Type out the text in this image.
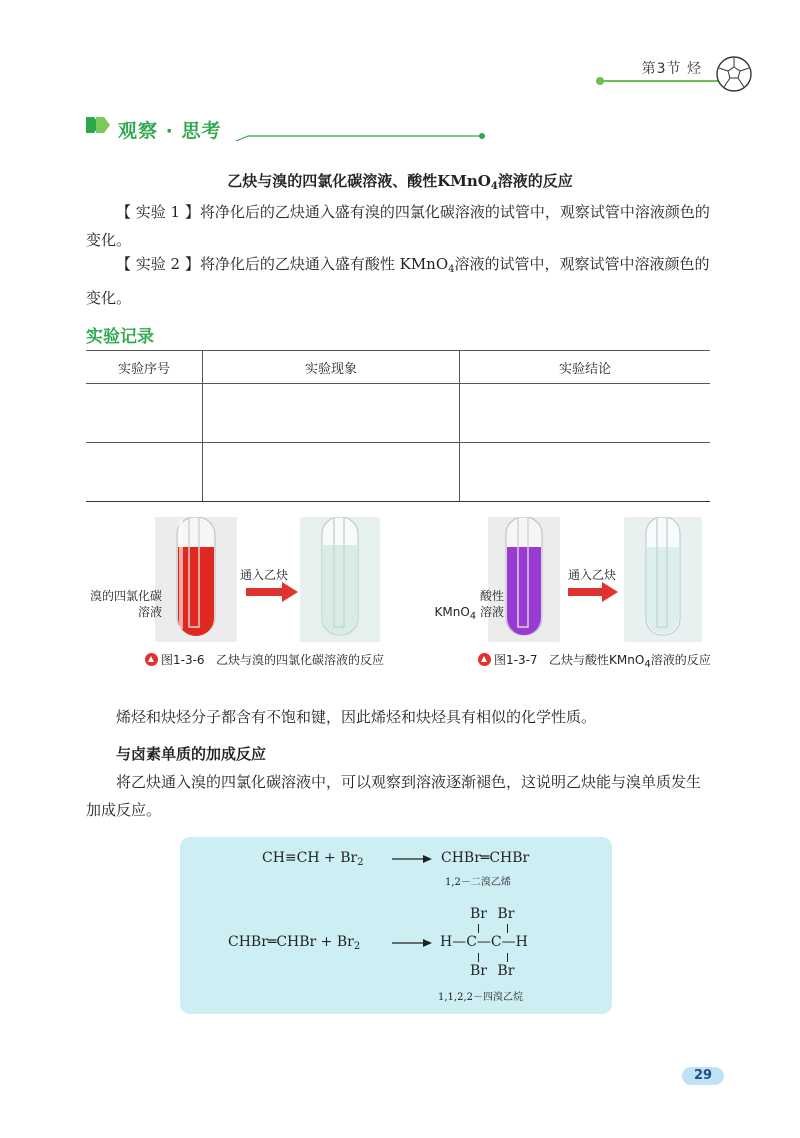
第3节 烃
观察 · 思考
乙炔与溴的四氯化碳溶液、酸性KMnO$_4$溶液的反应
【 实验 1 】将净化后的乙炔通入盛有溴的四氯化碳溶液的试管中，观察试管中溶液颜色的变化。
【 实验 2 】将净化后的乙炔通入盛有酸性 KMnO$_4$溶液的试管中，观察试管中溶液颜色的变化。
实验记录
实验序号	实验现象	实验结论

通入乙炔
溴的四氯化碳
溶液
图1-3-6 乙炔与溴的四氯化碳溶液的反应
通入乙炔
酸性
KMnO$_4$ 溶液
图1-3-7 乙炔与酸性KMnO$_4$溶液的反应
烯烃和炔烃分子都含有不饱和键，因此烯烃和炔烃具有相似的化学性质。
与卤素单质的加成反应
将乙炔通入溴的四氯化碳溶液中，可以观察到溶液逐渐褪色，这说明乙炔能与溴单质发生加成反应。
$CH\equiv CH + Br_2$ → CHBr═CHBr
1,2－二溴乙烯
Br Br
CHBr═CHBr + $Br_2$ → H—C—C—H
Br Br
1,1,2,2－四溴乙烷
29
